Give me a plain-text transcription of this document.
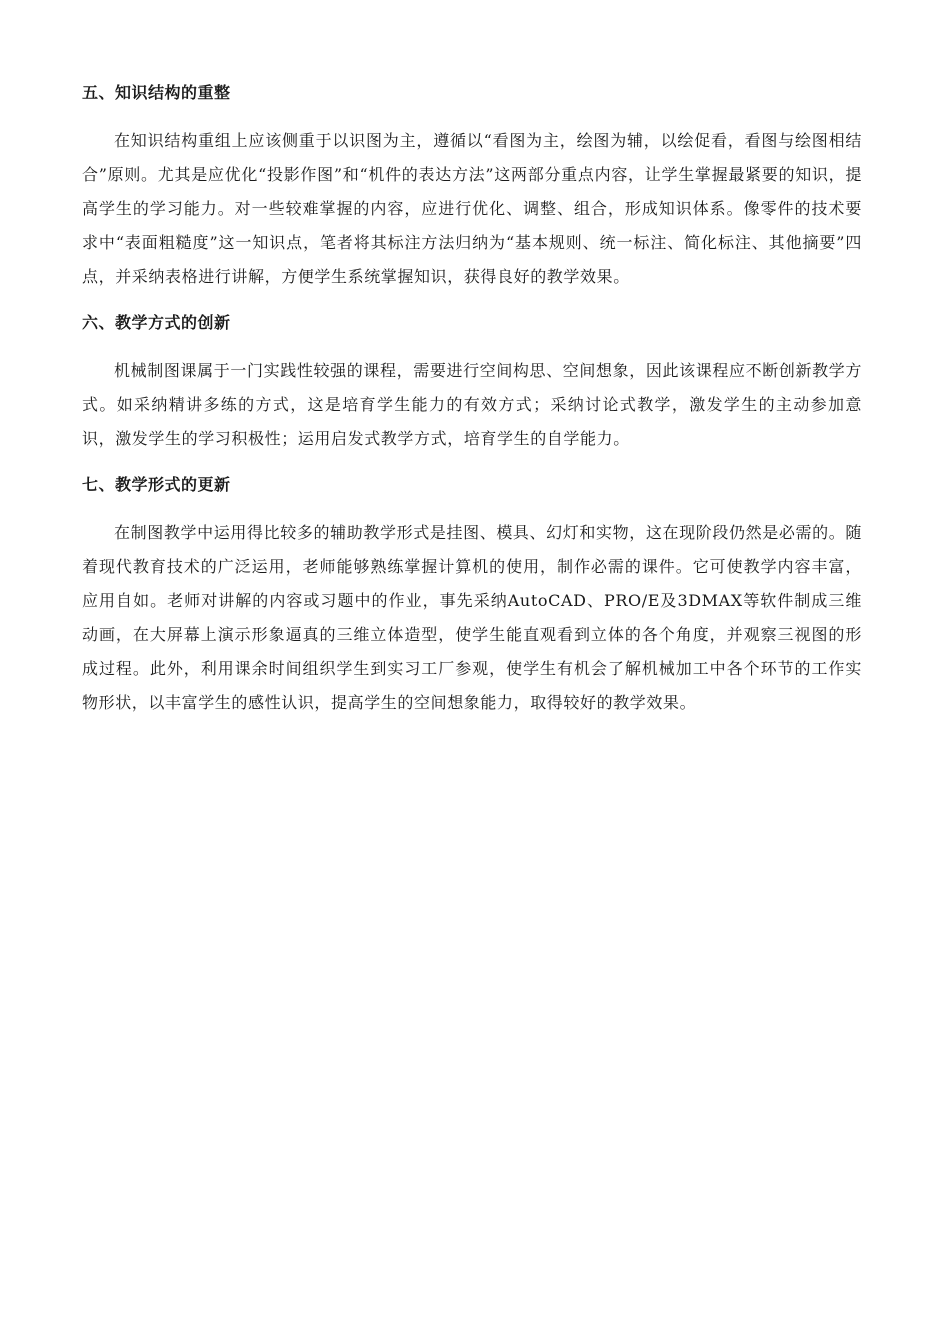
五、知识结构的重整

在知识结构重组上应该侧重于以识图为主，遵循以“看图为主，绘图为辅，以绘促看，看图与绘图相结合”原则。尤其是应优化“投影作图”和“机件的表达方法”这两部分重点内容，让学生掌握最紧要的知识，提高学生的学习能力。对一些较难掌握的内容，应进行优化、调整、组合，形成知识体系。像零件的技术要求中“表面粗糙度”这一知识点，笔者将其标注方法归纳为“基本规则、统一标注、简化标注、其他摘要”四点，并采纳表格进行讲解，方便学生系统掌握知识，获得良好的教学效果。

六、教学方式的创新

机械制图课属于一门实践性较强的课程，需要进行空间构思、空间想象，因此该课程应不断创新教学方式。如采纳精讲多练的方式，这是培育学生能力的有效方式；采纳讨论式教学，激发学生的主动参加意识，激发学生的学习积极性；运用启发式教学方式，培育学生的自学能力。

七、教学形式的更新

在制图教学中运用得比较多的辅助教学形式是挂图、模具、幻灯和实物，这在现阶段仍然是必需的。随着现代教育技术的广泛运用，老师能够熟练掌握计算机的使用，制作必需的课件。它可使教学内容丰富，应用自如。老师对讲解的内容或习题中的作业，事先采纳AutoCAD、PRO/E及3DMAX等软件制成三维动画，在大屏幕上演示形象逼真的三维立体造型，使学生能直观看到立体的各个角度，并观察三视图的形成过程。此外，利用课余时间组织学生到实习工厂参观，使学生有机会了解机械加工中各个环节的工作实物形状，以丰富学生的感性认识，提高学生的空间想象能力，取得较好的教学效果。
